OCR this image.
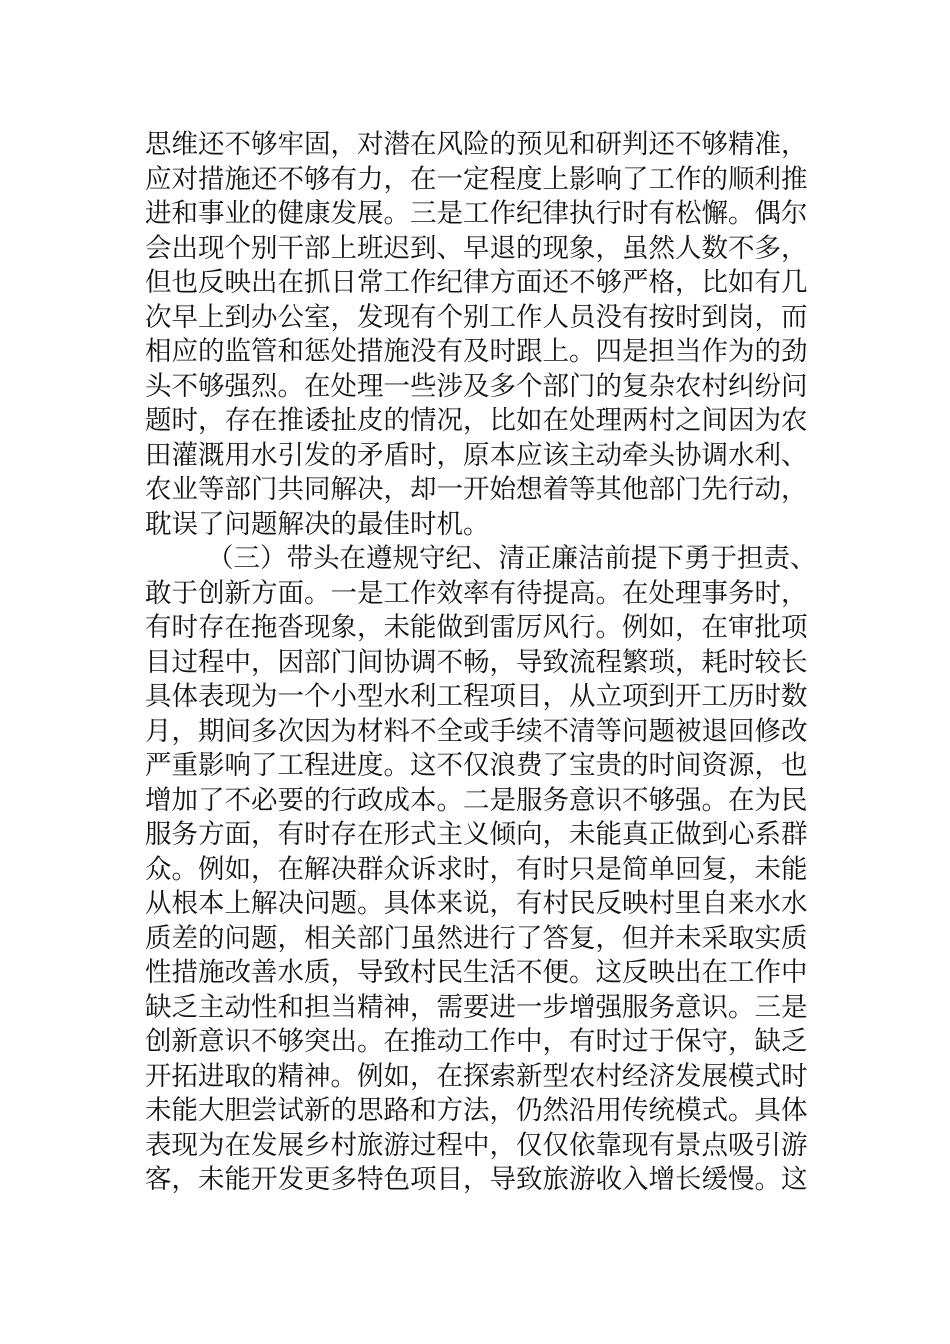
思维还不够牢固，对潜在风险的预见和研判还不够精准，
应对措施还不够有力，在一定程度上影响了工作的顺利推
进和事业的健康发展。三是工作纪律执行时有松懈。偶尔
会出现个别干部上班迟到、早退的现象，虽然人数不多，
但也反映出在抓日常工作纪律方面还不够严格，比如有几
次早上到办公室，发现有个别工作人员没有按时到岗，而
相应的监管和惩处措施没有及时跟上。四是担当作为的劲
头不够强烈。在处理一些涉及多个部门的复杂农村纠纷问
题时，存在推诿扯皮的情况，比如在处理两村之间因为农
田灌溉用水引发的矛盾时，原本应该主动牵头协调水利、
农业等部门共同解决，却一开始想着等其他部门先行动，
耽误了问题解决的最佳时机。
（三）带头在遵规守纪、清正廉洁前提下勇于担责、
敢于创新方面。一是工作效率有待提高。在处理事务时，
有时存在拖沓现象，未能做到雷厉风行。例如，在审批项
目过程中，因部门间协调不畅，导致流程繁琐，耗时较长
具体表现为一个小型水利工程项目，从立项到开工历时数
月，期间多次因为材料不全或手续不清等问题被退回修改
严重影响了工程进度。这不仅浪费了宝贵的时间资源，也
增加了不必要的行政成本。二是服务意识不够强。在为民
服务方面，有时存在形式主义倾向，未能真正做到心系群
众。例如，在解决群众诉求时，有时只是简单回复，未能
从根本上解决问题。具体来说，有村民反映村里自来水水
质差的问题，相关部门虽然进行了答复，但并未采取实质
性措施改善水质，导致村民生活不便。这反映出在工作中
缺乏主动性和担当精神，需要进一步增强服务意识。三是
创新意识不够突出。在推动工作中，有时过于保守，缺乏
开拓进取的精神。例如，在探索新型农村经济发展模式时
未能大胆尝试新的思路和方法，仍然沿用传统模式。具体
表现为在发展乡村旅游过程中，仅仅依靠现有景点吸引游
客，未能开发更多特色项目，导致旅游收入增长缓慢。这
